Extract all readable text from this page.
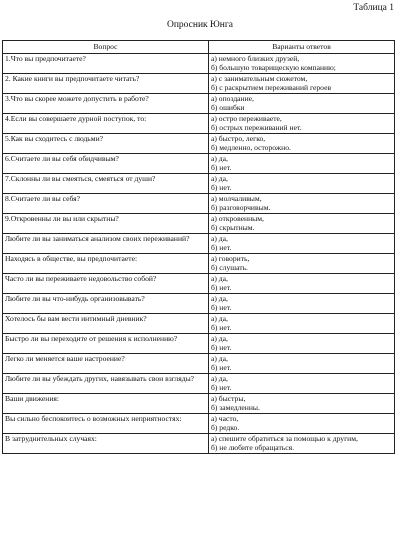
Таблица 1
Опросник Юнга
Вопрос	Варианты ответов
1.Что вы предпочитаете?	а) немного близких друзей,
б) большую товарищескую компанию;

2. Какие книги вы предпочитаете читать?	а) с занимательным сюжетом,
б) с раскрытием переживаний героев

3.Что вы скорее можете допустить в работе?	а) опоздание,
б) ошибки

4.Если вы совершаете дурной поступок, то:	а) остро переживаете,
б) острых переживаний нет.

5.Как вы сходитесь с людьми?	а) быстро, легко,
б) медленно, осторожно.

6.Считаете ли вы себя обидчивым?	а) да,
б) нет.

7.Склонны ли вы смеяться, смеяться от души?	а) да,
б) нет.

8.Считаете ли вы себя?	а) молчаливым,
б) разговорчивым.

9.Откровенны ли вы или скрытны?	а) откровенным,
б) скрытным.

Любите ли вы заниматься анализом своих переживаний?	а) да,
б) нет.

Находясь в обществе, вы предпочитаете:	а) говорить,
б) слушать.

Часто ли вы переживаете недовольство собой?	а) да,
б) нет.

Любите ли вы что-нибудь организовывать?	а) да,
б) нет.

Хотелось бы вам вести интимный дневник?	а) да,
б) нет.

Быстро ли вы переходите от решения к исполнению?	а) да,
б) нет.

Легко ли меняется ваше настроение?	а) да,
б) нет.

Любите ли вы убеждать других, навязывать свои взгляды?	а) да,
б) нет.

Ваши движения:	а) быстры,
б) замедленны.

Вы сильно беспокоитесь о возможных неприятностях:	а) часто,
б) редко.

В затруднительных случаях:	а) спешите обратиться за помощью к другим,
б) не любите обращаться.
